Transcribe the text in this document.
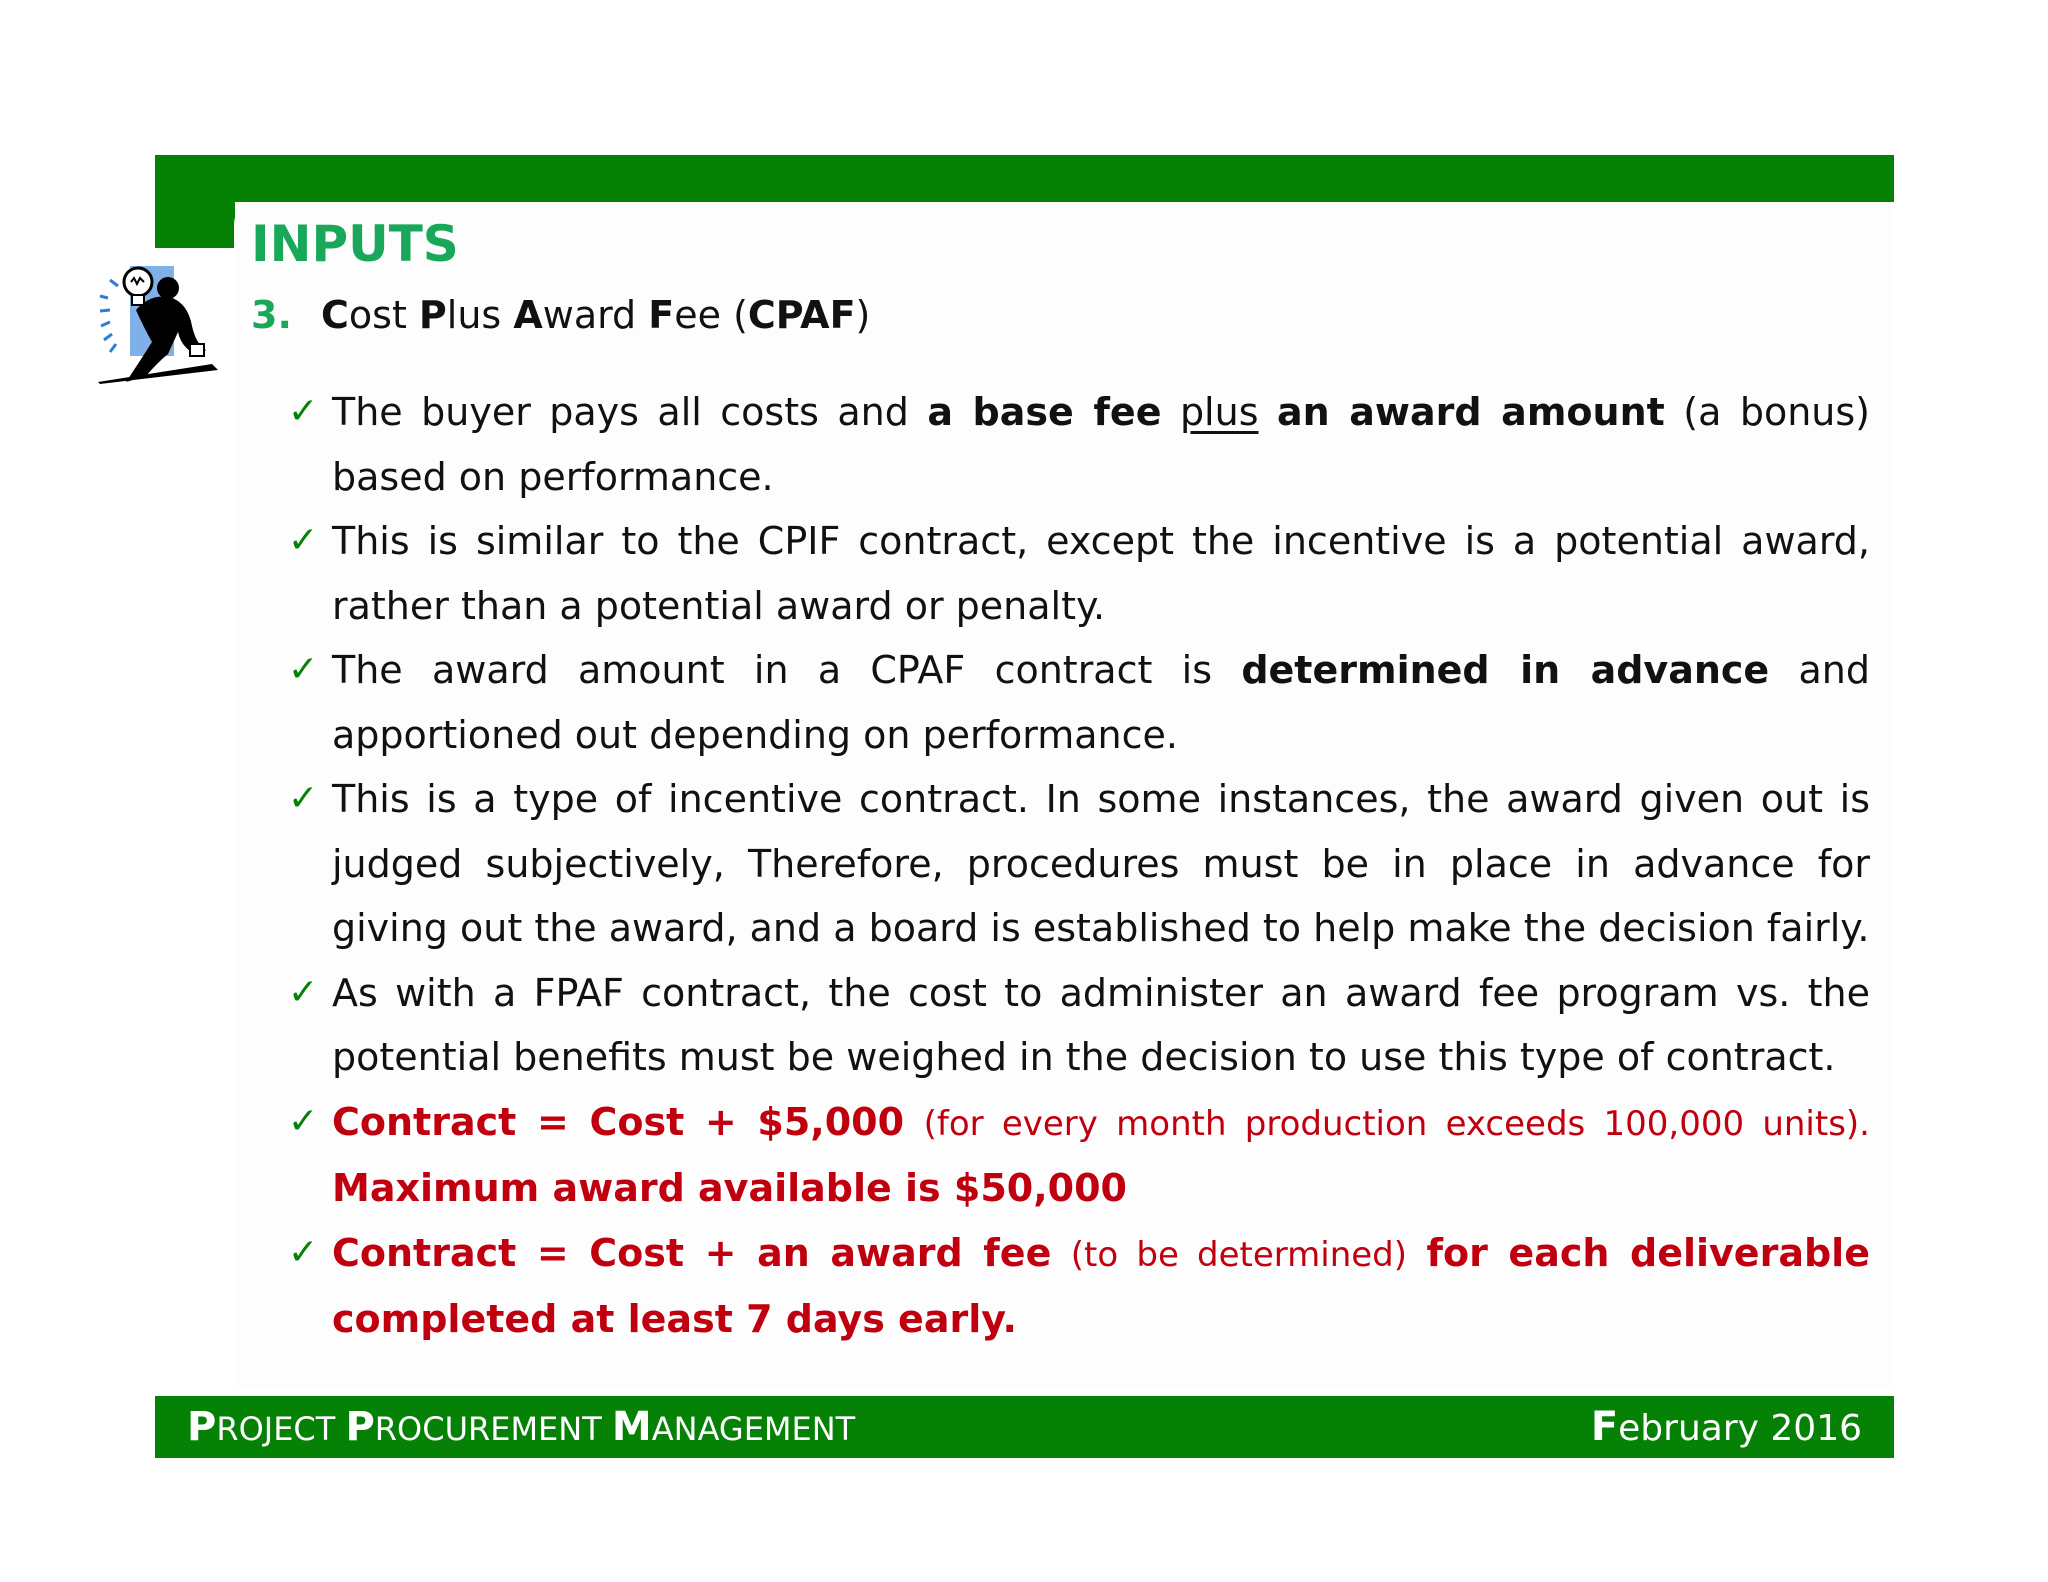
INPUTS
3. Cost Plus Award Fee (CPAF)
✓ The buyer pays all costs and a base fee plus an award amount (a bonus) based on performance.
✓ This is similar to the CPIF contract, except the incentive is a potential award, rather than a potential award or penalty.
✓ The award amount in a CPAF contract is determined in advance and apportioned out depending on performance.
✓ This is a type of incentive contract. In some instances, the award given out is judged subjectively, Therefore, procedures must be in place in advance for giving out the award, and a board is established to help make the decision fairly.
✓ As with a FPAF contract, the cost to administer an award fee program vs. the potential benefits must be weighed in the decision to use this type of contract.
✓ Contract = Cost + $5,000 (for every month production exceeds 100,000 units). Maximum award available is $50,000
✓ Contract = Cost + an award fee (to be determined) for each deliverable completed at least 7 days early.
PROJECT PROCUREMENT MANAGEMENT	February 2016
